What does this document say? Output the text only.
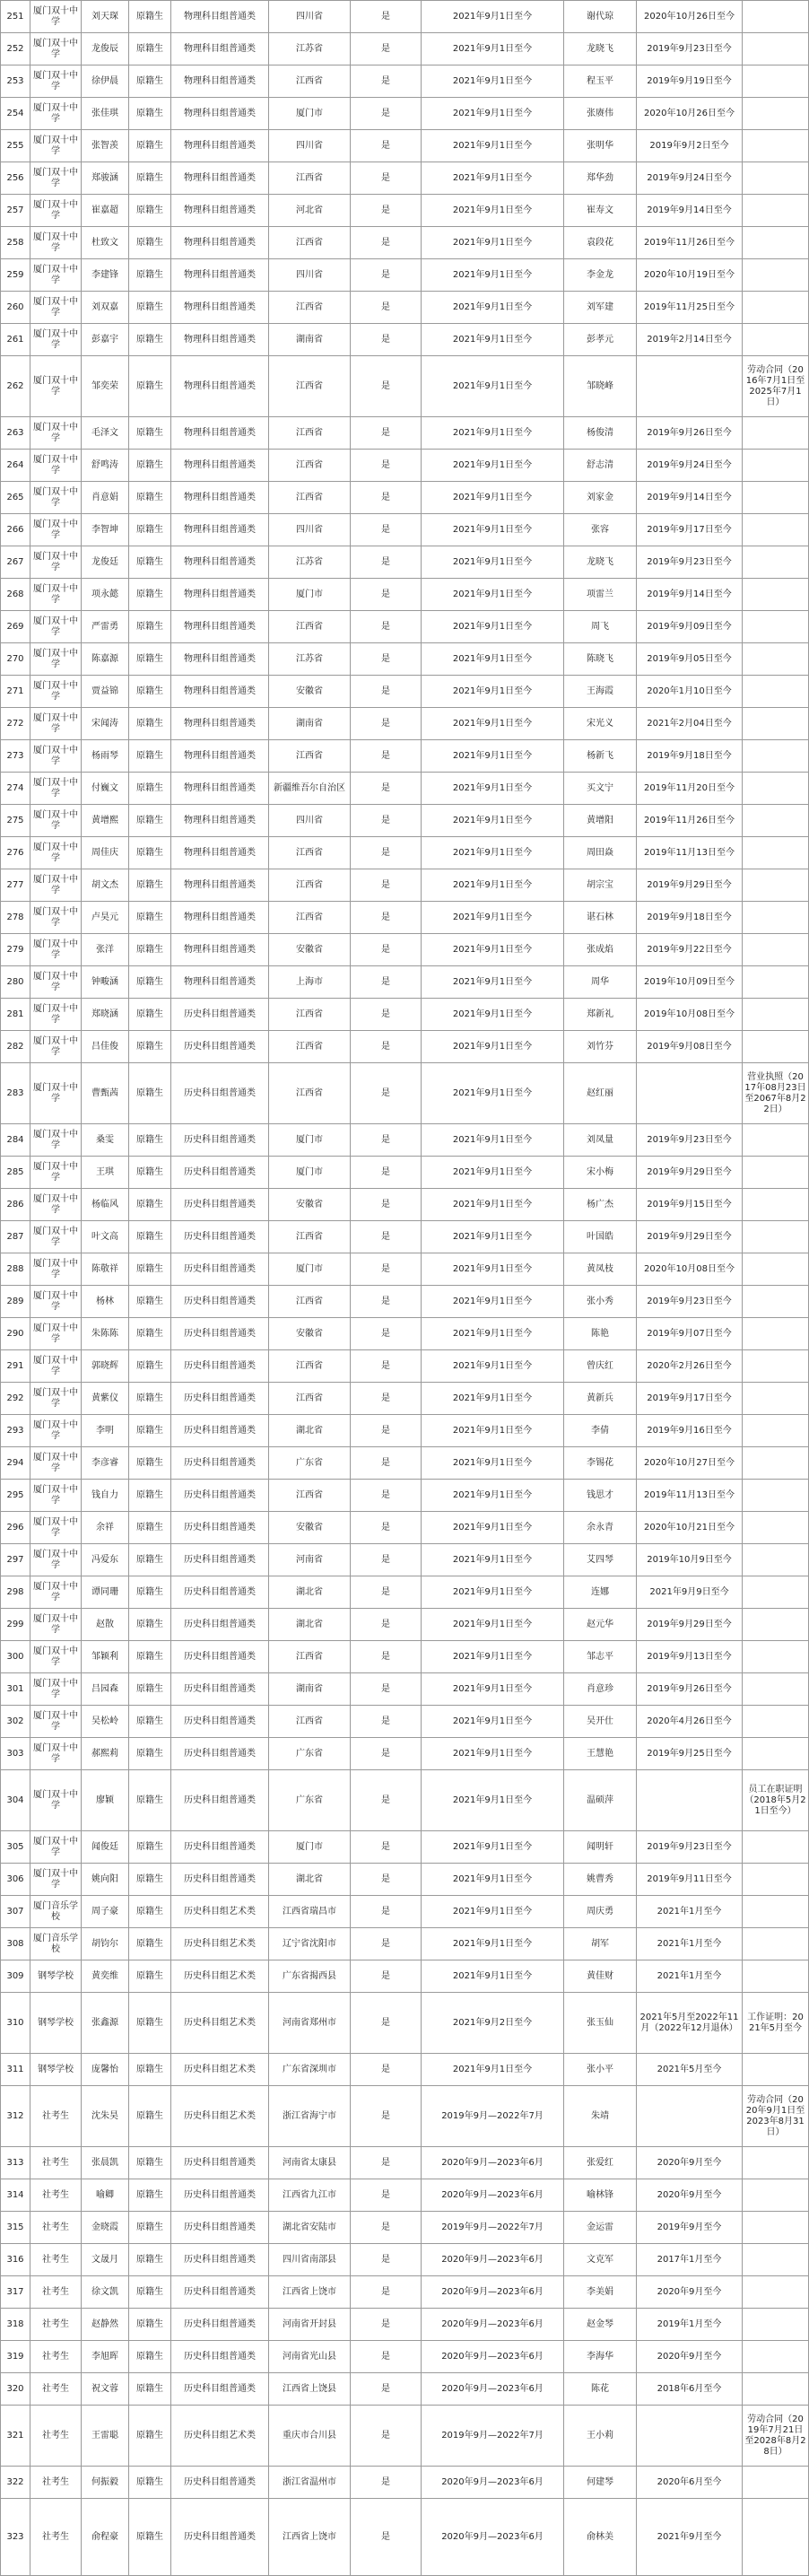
251	厦门双十中学	刘天琛	原籍生	物理科目组普通类	四川省	是	2021年9月1日至今	谢代琼	2020年10月26日至今	
252	厦门双十中学	龙俊辰	原籍生	物理科目组普通类	江苏省	是	2021年9月1日至今	龙晓飞	2019年9月23日至今	
253	厦门双十中学	徐伊晨	原籍生	物理科目组普通类	江西省	是	2021年9月1日至今	程玉平	2019年9月19日至今	
254	厦门双十中学	张佳琪	原籍生	物理科目组普通类	厦门市	是	2021年9月1日至今	张赓伟	2020年10月26日至今	
255	厦门双十中学	张智羡	原籍生	物理科目组普通类	四川省	是	2021年9月1日至今	张明华	2019年9月2日至今	
256	厦门双十中学	郑骏涵	原籍生	物理科目组普通类	江西省	是	2021年9月1日至今	郑华劲	2019年9月24日至今	
257	厦门双十中学	崔嘉超	原籍生	物理科目组普通类	河北省	是	2021年9月1日至今	崔寿文	2019年9月14日至今	
258	厦门双十中学	杜致文	原籍生	物理科目组普通类	江西省	是	2021年9月1日至今	袁段花	2019年11月26日至今	
259	厦门双十中学	李建锋	原籍生	物理科目组普通类	四川省	是	2021年9月1日至今	李金龙	2020年10月19日至今	
260	厦门双十中学	刘双嘉	原籍生	物理科目组普通类	江西省	是	2021年9月1日至今	刘军建	2019年11月25日至今	
261	厦门双十中学	彭嘉宇	原籍生	物理科目组普通类	湖南省	是	2021年9月1日至今	彭孝元	2019年2月14日至今	
262	厦门双十中学	邹奕荣	原籍生	物理科目组普通类	江西省	是	2021年9月1日至今	邹晓峰		劳动合同（2016年7月1日至2025年7月1日）
263	厦门双十中学	毛泽文	原籍生	物理科目组普通类	江西省	是	2021年9月1日至今	杨俊清	2019年9月26日至今	
264	厦门双十中学	舒鸣涛	原籍生	物理科目组普通类	江西省	是	2021年9月1日至今	舒志清	2019年9月24日至今	
265	厦门双十中学	肖意娟	原籍生	物理科目组普通类	江西省	是	2021年9月1日至今	刘家金	2019年9月14日至今	
266	厦门双十中学	李智坤	原籍生	物理科目组普通类	四川省	是	2021年9月1日至今	张容	2019年9月17日至今	
267	厦门双十中学	龙俊廷	原籍生	物理科目组普通类	江苏省	是	2021年9月1日至今	龙晓飞	2019年9月23日至今	
268	厦门双十中学	项永懿	原籍生	物理科目组普通类	厦门市	是	2021年9月1日至今	项雷兰	2019年9月14日至今	
269	厦门双十中学	严雷勇	原籍生	物理科目组普通类	江西省	是	2021年9月1日至今	周飞	2019年9月09日至今	
270	厦门双十中学	陈嘉源	原籍生	物理科目组普通类	江苏省	是	2021年9月1日至今	陈晓飞	2019年9月05日至今	
271	厦门双十中学	贾益锦	原籍生	物理科目组普通类	安徽省	是	2021年9月1日至今	王海霞	2020年1月10日至今	
272	厦门双十中学	宋闻涛	原籍生	物理科目组普通类	湖南省	是	2021年9月1日至今	宋光义	2021年2月04日至今	
273	厦门双十中学	杨雨琴	原籍生	物理科目组普通类	江西省	是	2021年9月1日至今	杨新飞	2019年9月18日至今	
274	厦门双十中学	付巍文	原籍生	物理科目组普通类	新疆维吾尔自治区	是	2021年9月1日至今	买文宁	2019年11月20日至今	
275	厦门双十中学	黄增熙	原籍生	物理科目组普通类	四川省	是	2021年9月1日至今	黄增阳	2019年11月26日至今	
276	厦门双十中学	周佳庆	原籍生	物理科目组普通类	江西省	是	2021年9月1日至今	周田焱	2019年11月13日至今	
277	厦门双十中学	胡文杰	原籍生	物理科目组普通类	江西省	是	2021年9月1日至今	胡宗宝	2019年9月29日至今	
278	厦门双十中学	卢昊元	原籍生	物理科目组普通类	江西省	是	2021年9月1日至今	谌石林	2019年9月18日至今	
279	厦门双十中学	张洋	原籍生	物理科目组普通类	安徽省	是	2021年9月1日至今	张成焰	2019年9月22日至今	
280	厦门双十中学	钟畯涵	原籍生	物理科目组普通类	上海市	是	2021年9月1日至今	周华	2019年10月09日至今	
281	厦门双十中学	郑晓涵	原籍生	历史科目组普通类	江西省	是	2021年9月1日至今	郑新礼	2019年10月08日至今	
282	厦门双十中学	吕佳俊	原籍生	历史科目组普通类	江西省	是	2021年9月1日至今	刘竹芬	2019年9月08日至今	
283	厦门双十中学	曹甄茜	原籍生	历史科目组普通类	江西省	是	2021年9月1日至今	赵红丽		营业执照（2017年08月23日至2067年8月22日）
284	厦门双十中学	桑雯	原籍生	历史科目组普通类	厦门市	是	2021年9月1日至今	刘凤量	2019年9月23日至今	
285	厦门双十中学	王琪	原籍生	历史科目组普通类	厦门市	是	2021年9月1日至今	宋小梅	2019年9月29日至今	
286	厦门双十中学	杨临风	原籍生	历史科目组普通类	安徽省	是	2021年9月1日至今	杨广杰	2019年9月15日至今	
287	厦门双十中学	叶文高	原籍生	历史科目组普通类	江西省	是	2021年9月1日至今	叶国皓	2019年9月29日至今	
288	厦门双十中学	陈敬祥	原籍生	历史科目组普通类	厦门市	是	2021年9月1日至今	黄凤枝	2020年10月08日至今	
289	厦门双十中学	杨林	原籍生	历史科目组普通类	江西省	是	2021年9月1日至今	张小秀	2019年9月23日至今	
290	厦门双十中学	朱陈陈	原籍生	历史科目组普通类	安徽省	是	2021年9月1日至今	陈艳	2019年9月07日至今	
291	厦门双十中学	郭晓辉	原籍生	历史科目组普通类	江西省	是	2021年9月1日至今	曾庆红	2020年2月26日至今	
292	厦门双十中学	黄紫仪	原籍生	历史科目组普通类	江西省	是	2021年9月1日至今	黄新兵	2019年9月17日至今	
293	厦门双十中学	李明	原籍生	历史科目组普通类	湖北省	是	2021年9月1日至今	李倩	2019年9月16日至今	
294	厦门双十中学	李彦睿	原籍生	历史科目组普通类	广东省	是	2021年9月1日至今	李锡花	2020年10月27日至今	
295	厦门双十中学	钱自力	原籍生	历史科目组普通类	江西省	是	2021年9月1日至今	钱思才	2019年11月13日至今	
296	厦门双十中学	余祥	原籍生	历史科目组普通类	安徽省	是	2021年9月1日至今	余永青	2020年10月21日至今	
297	厦门双十中学	冯爱东	原籍生	历史科目组普通类	河南省	是	2021年9月1日至今	艾四琴	2019年10月9日至今	
298	厦门双十中学	谭同珊	原籍生	历史科目组普通类	湖北省	是	2021年9月1日至今	连娜	2021年9月9日至今	
299	厦门双十中学	赵散	原籍生	历史科目组普通类	湖北省	是	2021年9月1日至今	赵元华	2019年9月29日至今	
300	厦门双十中学	邹颖利	原籍生	历史科目组普通类	江西省	是	2021年9月1日至今	邹志平	2019年9月13日至今	
301	厦门双十中学	吕园森	原籍生	历史科目组普通类	湖南省	是	2021年9月1日至今	肖意珍	2019年9月26日至今	
302	厦门双十中学	吴松岭	原籍生	历史科目组普通类	江西省	是	2021年9月1日至今	吴开仕	2020年4月26日至今	
303	厦门双十中学	郝熙莉	原籍生	历史科目组普通类	广东省	是	2021年9月1日至今	王慧艳	2019年9月25日至今	
304	厦门双十中学	廖颖	原籍生	历史科目组普通类	广东省	是	2021年9月1日至今	温硕萍		员工在职证明（2018年5月21日至今）
305	厦门双十中学	闻俊廷	原籍生	历史科目组普通类	厦门市	是	2021年9月1日至今	闻明轩	2019年9月23日至今	
306	厦门双十中学	姚向阳	原籍生	历史科目组普通类	湖北省	是	2021年9月1日至今	姚曹秀	2019年9月11日至今	
307	厦门音乐学校	周子豪	原籍生	历史科目组艺术类	江西省瑞昌市	是	2021年9月1日至今	周庆勇	2021年1月至今	
308	厦门音乐学校	胡钧尔	原籍生	历史科目组艺术类	辽宁省沈阳市	是	2021年9月1日至今	胡军	2021年1月至今	
309	钢琴学校	黄奕维	原籍生	历史科目组艺术类	广东省揭西县	是	2021年9月1日至今	黄佳财	2021年1月至今	
310	钢琴学校	张鑫源	原籍生	历史科目组艺术类	河南省郑州市	是	2021年9月2日至今	张玉仙	2021年5月至2022年11月（2022年12月退休）	工作证明：2021年5月至今
311	钢琴学校	庞馨怡	原籍生	历史科目组艺术类	广东省深圳市	是	2021年9月1日至今	张小平	2021年5月至今	
312	社考生	沈朱昊	原籍生	历史科目组艺术类	浙江省海宁市	是	2019年9月—2022年7月	朱靖		劳动合同（2020年9月1日至2023年8月31日）
313	社考生	张晨凯	原籍生	历史科目组普通类	河南省太康县	是	2020年9月—2023年6月	张爱红	2020年9月至今	
314	社考生	喻卿	原籍生	历史科目组普通类	江西省九江市	是	2020年9月—2023年6月	喻林锋	2020年9月至今	
315	社考生	金晓霞	原籍生	历史科目组普通类	湖北省安陆市	是	2019年9月—2022年7月	金运雷	2019年9月至今	
316	社考生	文晟月	原籍生	历史科目组普通类	四川省南部县	是	2020年9月—2023年6月	文克军	2017年1月至今	
317	社考生	徐文凯	原籍生	历史科目组普通类	江西省上饶市	是	2020年9月—2023年6月	李美娟	2020年9月至今	
318	社考生	赵静然	原籍生	历史科目组普通类	河南省开封县	是	2020年9月—2023年6月	赵金琴	2019年1月至今	
319	社考生	李旭晖	原籍生	历史科目组普通类	河南省光山县	是	2020年9月—2023年6月	李海华	2020年9月至今	
320	社考生	祝文蓉	原籍生	历史科目组普通类	江西省上饶县	是	2020年9月—2023年6月	陈花	2018年6月至今	
321	社考生	王雷聪	原籍生	历史科目组艺术类	重庆市合川县	是	2019年9月—2022年7月	王小莉		劳动合同（2019年7月21日至2028年8月28日）
322	社考生	何振毅	原籍生	历史科目组普通类	浙江省温州市	是	2020年9月—2023年6月	何建琴	2020年6月至今	
323	社考生	俞程豪	原籍生	历史科目组普通类	江西省上饶市	是	2020年9月—2023年6月	俞林美	2021年9月至今	
